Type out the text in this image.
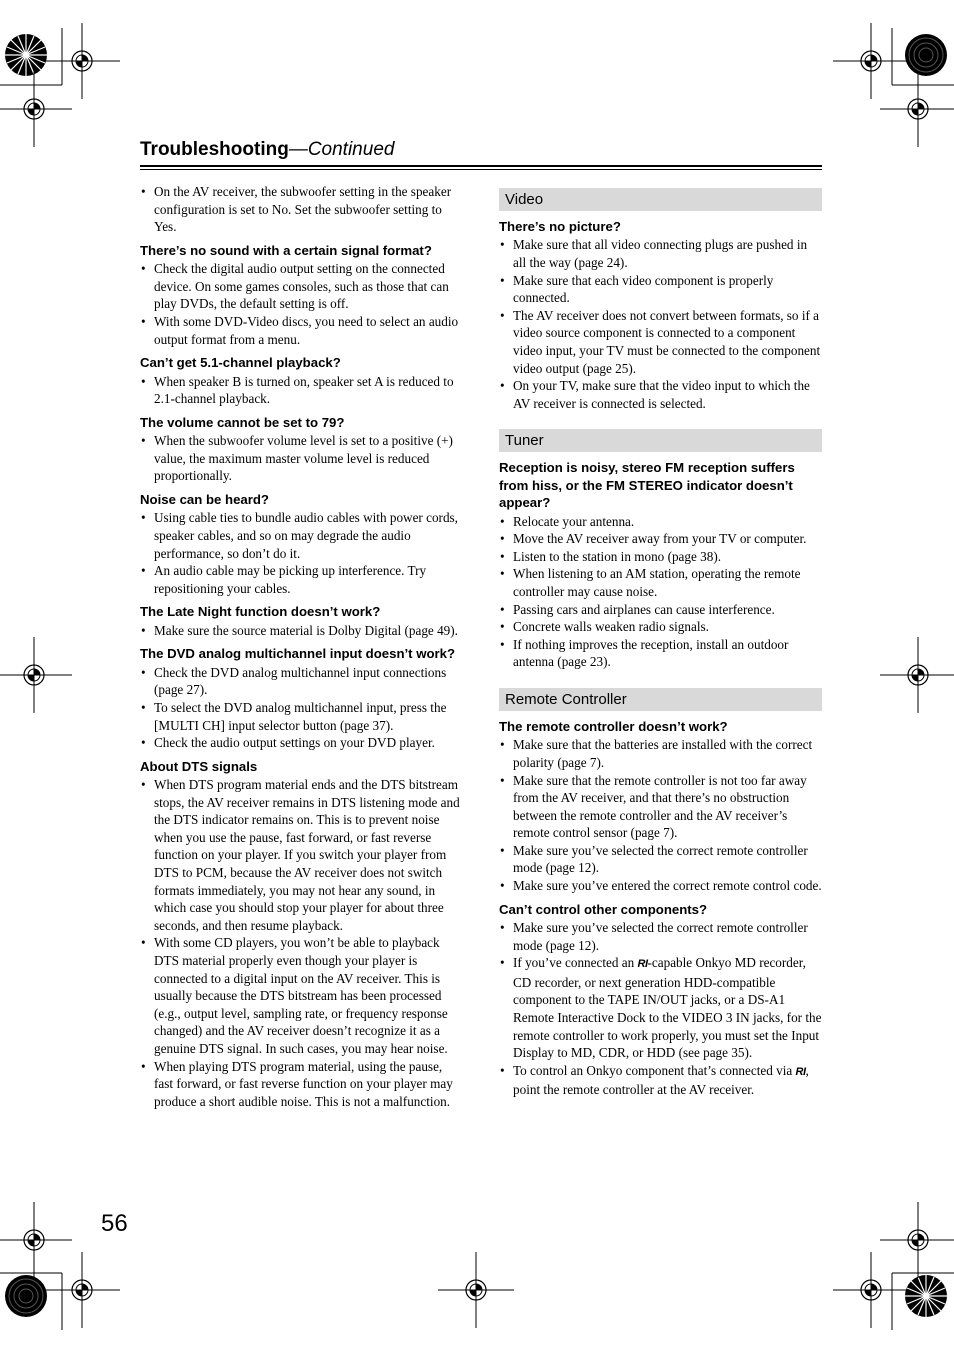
Troubleshooting—Continued
• On the AV receiver, the subwoofer setting in the speaker configuration is set to No. Set the subwoofer setting to Yes.
There’s no sound with a certain signal format?
• Check the digital audio output setting on the connected device. On some games consoles, such as those that can play DVDs, the default setting is off.
• With some DVD-Video discs, you need to select an audio output format from a menu.
Can’t get 5.1-channel playback?
• When speaker B is turned on, speaker set A is reduced to 2.1-channel playback.
The volume cannot be set to 79?
• When the subwoofer volume level is set to a positive (+) value, the maximum master volume level is reduced proportionally.
Noise can be heard?
• Using cable ties to bundle audio cables with power cords, speaker cables, and so on may degrade the audio performance, so don’t do it.
• An audio cable may be picking up interference. Try repositioning your cables.
The Late Night function doesn’t work?
• Make sure the source material is Dolby Digital (page 49).
The DVD analog multichannel input doesn’t work?
• Check the DVD analog multichannel input connections (page 27).
• To select the DVD analog multichannel input, press the [MULTI CH] input selector button (page 37).
• Check the audio output settings on your DVD player.
About DTS signals
• When DTS program material ends and the DTS bitstream stops, the AV receiver remains in DTS listening mode and the DTS indicator remains on. This is to prevent noise when you use the pause, fast forward, or fast reverse function on your player. If you switch your player from DTS to PCM, because the AV receiver does not switch formats immediately, you may not hear any sound, in which case you should stop your player for about three seconds, and then resume playback.
• With some CD players, you won’t be able to playback DTS material properly even though your player is connected to a digital input on the AV receiver. This is usually because the DTS bitstream has been processed (e.g., output level, sampling rate, or frequency response changed) and the AV receiver doesn’t recognize it as a genuine DTS signal. In such cases, you may hear noise.
• When playing DTS program material, using the pause, fast forward, or fast reverse function on your player may produce a short audible noise. This is not a malfunction.
Video
There’s no picture?
• Make sure that all video connecting plugs are pushed in all the way (page 24).
• Make sure that each video component is properly connected.
• The AV receiver does not convert between formats, so if a video source component is connected to a component video input, your TV must be connected to the component video output (page 25).
• On your TV, make sure that the video input to which the AV receiver is connected is selected.
Tuner
Reception is noisy, stereo FM reception suffers from hiss, or the FM STEREO indicator doesn’t appear?
• Relocate your antenna.
• Move the AV receiver away from your TV or computer.
• Listen to the station in mono (page 38).
• When listening to an AM station, operating the remote controller may cause noise.
• Passing cars and airplanes can cause interference.
• Concrete walls weaken radio signals.
• If nothing improves the reception, install an outdoor antenna (page 23).
Remote Controller
The remote controller doesn’t work?
• Make sure that the batteries are installed with the correct polarity (page 7).
• Make sure that the remote controller is not too far away from the AV receiver, and that there’s no obstruction between the remote controller and the AV receiver’s remote control sensor (page 7).
• Make sure you’ve selected the correct remote controller mode (page 12).
• Make sure you’ve entered the correct remote control code.
Can’t control other components?
• Make sure you’ve selected the correct remote controller mode (page 12).
• If you’ve connected an RI-capable Onkyo MD recorder, CD recorder, or next generation HDD-compatible component to the TAPE IN/OUT jacks, or a DS-A1 Remote Interactive Dock to the VIDEO 3 IN jacks, for the remote controller to work properly, you must set the Input Display to MD, CDR, or HDD (see page 35).
• To control an Onkyo component that’s connected via RI, point the remote controller at the AV receiver.
56
